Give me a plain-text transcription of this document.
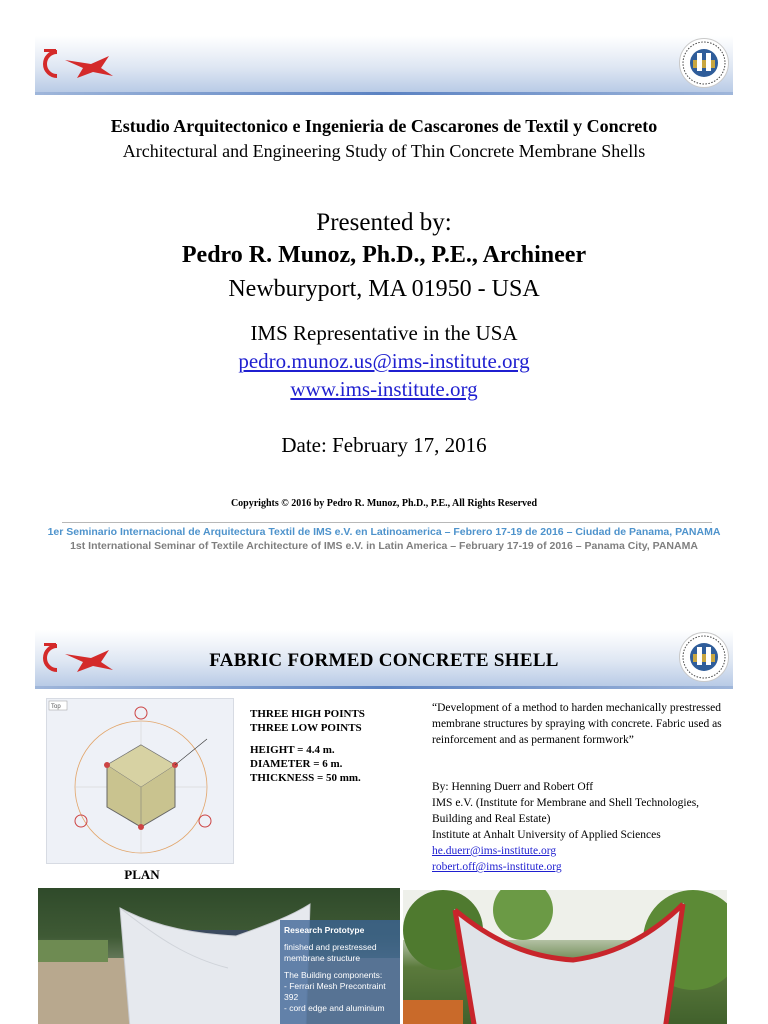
Estudio Arquitectonico e Ingenieria de Cascarones de Textil y Concreto
Architectural and Engineering Study of Thin Concrete Membrane Shells
Presented by:
Pedro R. Munoz, Ph.D., P.E., Archineer
Newburyport, MA 01950 - USA
IMS Representative in the USA
pedro.munoz.us@ims-institute.org
www.ims-institute.org
Date: February 17, 2016
Copyrights © 2016 by Pedro R. Munoz, Ph.D., P.E., All Rights Reserved
1er Seminario Internacional de Arquitectura Textil de IMS e.V. en Latinoamerica – Febrero 17-19 de 2016 – Ciudad de Panama, PANAMA
1st International Seminar of Textile Architecture of IMS e.V. in Latin America – February 17-19 of 2016 – Panama City, PANAMA
FABRIC FORMED CONCRETE SHELL
Top
PLAN
THREE HIGH POINTS
THREE LOW POINTS
HEIGHT = 4.4 m.
DIAMETER = 6 m.
THICKNESS = 50 mm.
“Development of a method to harden mechanically prestressed membrane structures by spraying with concrete. Fabric used as reinforcement and as permanent formwork”
By: Henning Duerr and Robert Off
IMS e.V. (Institute for Membrane and Shell Technologies, Building and Real Estate)
Institute at Anhalt University of Applied Sciences
he.duerr@ims-institute.org
robert.off@ims-institute.org
Research Prototype
finished and prestressed membrane structure
The Building components:
- Ferrari Mesh Precontraint 392
- cord edge and aluminium
